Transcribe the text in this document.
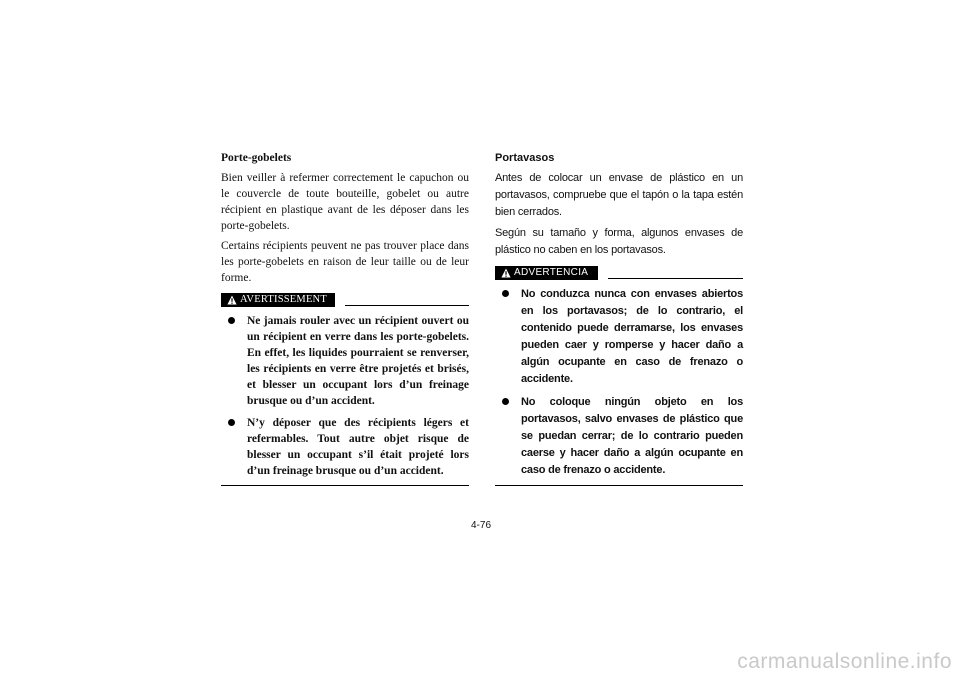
Porte-gobelets

Bien veiller à refermer correctement le capuchon ou le couvercle de toute bouteille, gobelet ou autre récipient en plastique avant de les déposer dans les porte-gobelets.

Certains récipients peuvent ne pas trouver place dans les porte-gobelets en raison de leur taille ou de leur forme.

AVERTISSEMENT
Ne jamais rouler avec un récipient ouvert ou un récipient en verre dans les porte-gobelets. En effet, les liquides pourraient se renverser, les récipients en verre être projetés et brisés, et blesser un occupant lors d’un freinage brusque ou d’un accident.
N’y déposer que des récipients légers et refermables. Tout autre objet risque de blesser un occupant s’il était projeté lors d’un freinage brusque ou d’un accident.
Portavasos

Antes de colocar un envase de plástico en un portavasos, compruebe que el tapón o la tapa estén bien cerrados.

Según su tamaño y forma, algunos envases de plástico no caben en los portavasos.

ADVERTENCIA
No conduzca nunca con envases abiertos en los portavasos; de lo contrario, el contenido puede derramarse, los envases pueden caer y romperse y hacer daño a algún ocupante en caso de frenazo o accidente.
No coloque ningún objeto en los portavasos, salvo envases de plástico que se puedan cerrar; de lo contrario pueden caerse y hacer daño a algún ocupante en caso de frenazo o accidente.
4-76
carmanualsonline.info
